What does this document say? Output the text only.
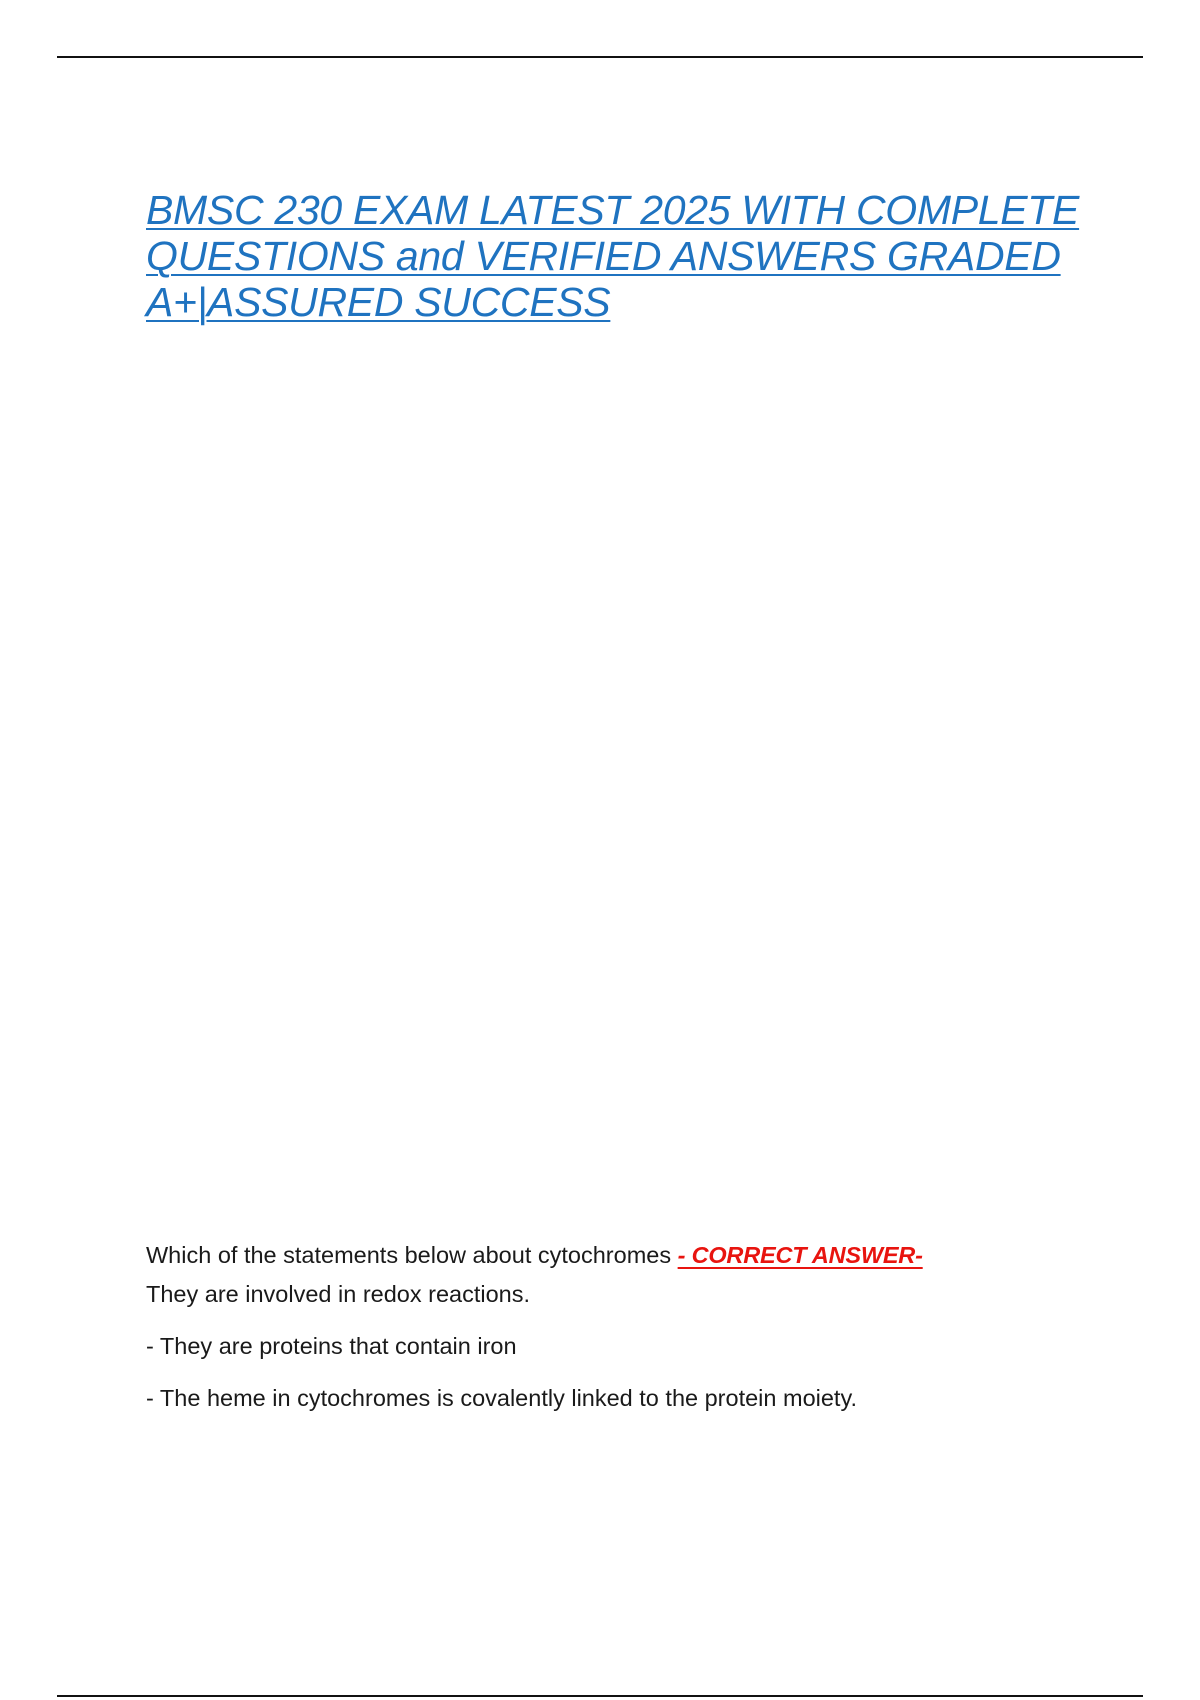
BMSC 230 EXAM LATEST 2025 WITH COMPLETE QUESTIONS and VERIFIED ANSWERS GRADED A+|ASSURED SUCCESS

Which of the statements below about cytochromes - CORRECT ANSWER-
They are involved in redox reactions.

- They are proteins that contain iron

- The heme in cytochromes is covalently linked to the protein moiety.
